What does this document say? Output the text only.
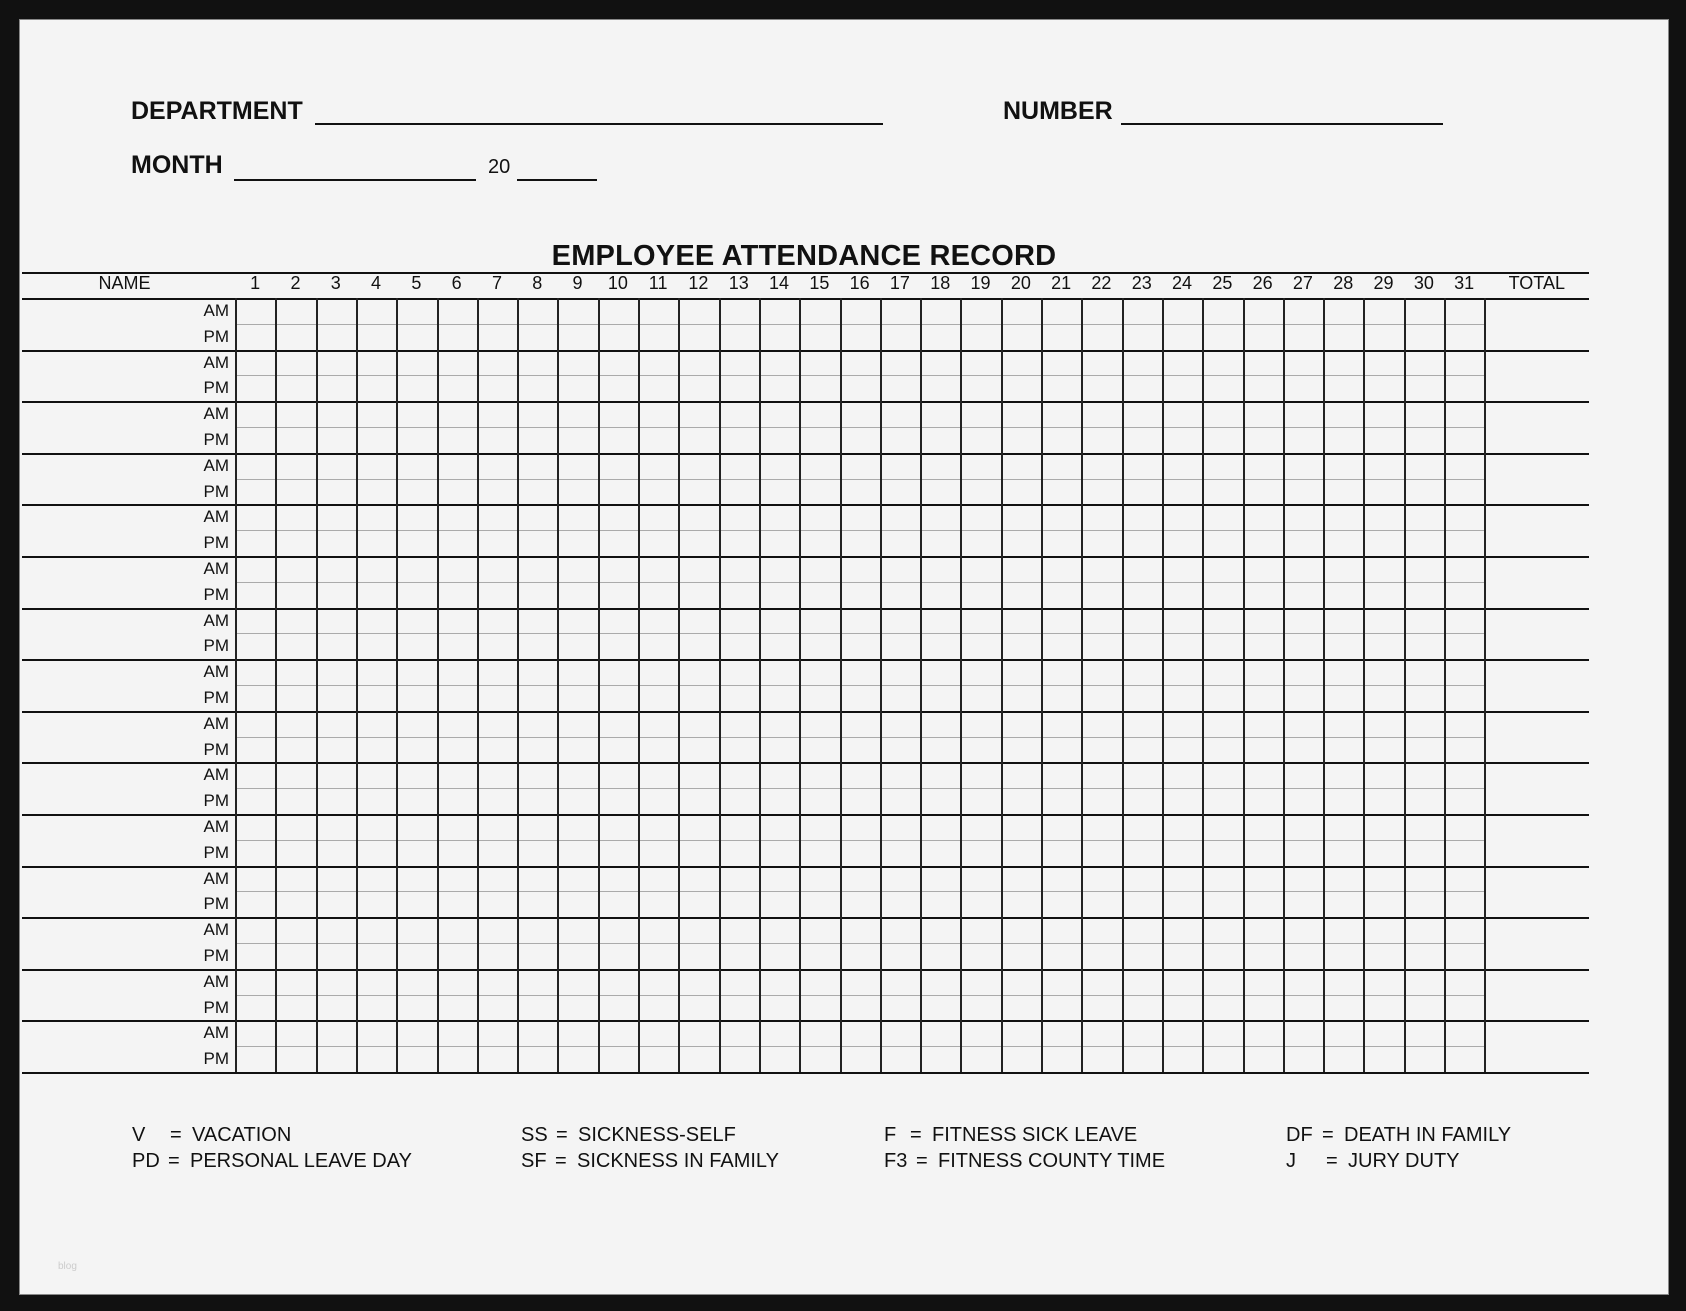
DEPARTMENT	NUMBER
MONTH	20
EMPLOYEE ATTENDANCE RECORD
NAME	1	2	3	4	5	6	7	8	9	10	11	12	13	14	15	16	17	18	19	20	21	22	23	24	25	26	27	28	29	30	31	TOTAL
AM
PM
AM
PM
AM
PM
AM
PM
AM
PM
AM
PM
AM
PM
AM
PM
AM
PM
AM
PM
AM
PM
AM
PM
AM
PM
AM
PM
AM
PM
V = VACATION
PD = PERSONAL LEAVE DAY
SS = SICKNESS-SELF
SF = SICKNESS IN FAMILY
F = FITNESS SICK LEAVE
F3 = FITNESS COUNTY TIME
DF = DEATH IN FAMILY
J = JURY DUTY
blog
